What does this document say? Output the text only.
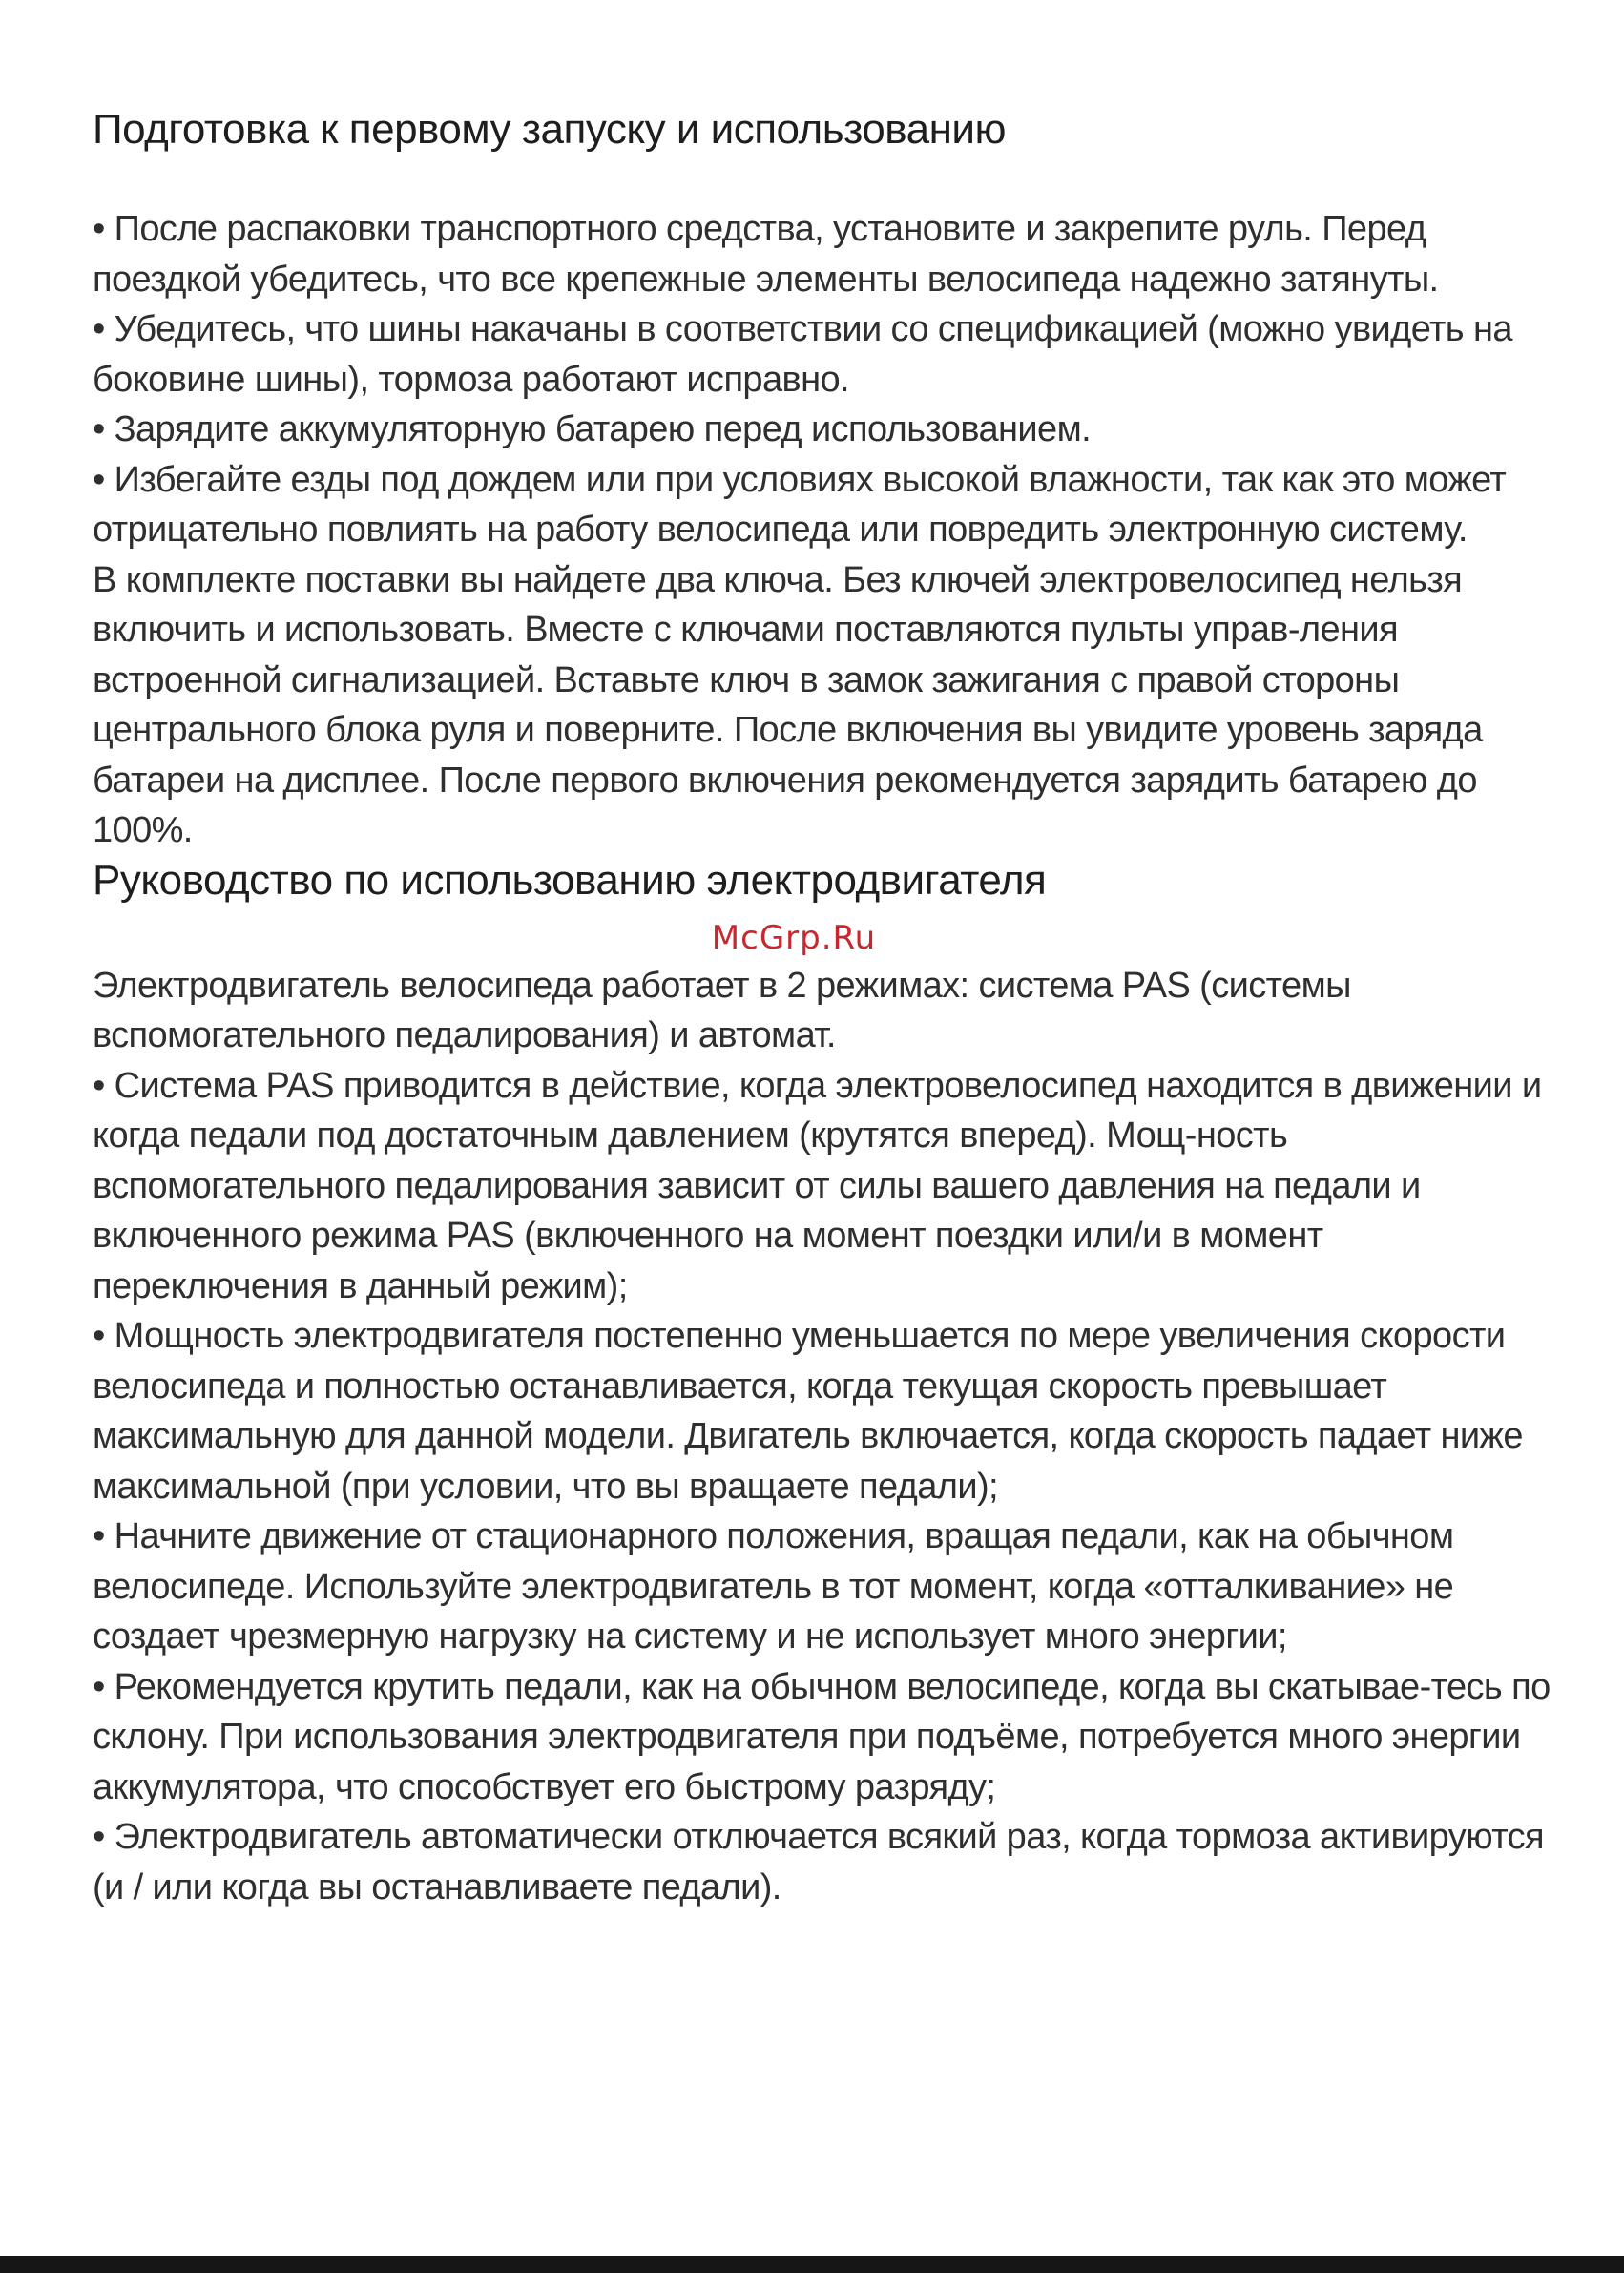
Подготовка к первому запуску и использованию

• После распаковки транспортного средства, установите и закрепите руль. Перед поездкой убедитесь, что все крепежные элементы велосипеда надежно затянуты.
• Убедитесь, что шины накачаны в соответствии со спецификацией (можно увидеть на боковине шины), тормоза работают исправно.
• Зарядите аккумуляторную батарею перед использованием.
• Избегайте езды под дождем или при условиях высокой влажности, так как это может отрицательно повлиять на работу велосипеда или повредить электронную систему.

В комплекте поставки вы найдете два ключа. Без ключей электровелосипед нельзя включить и использовать. Вместе с ключами поставляются пульты управ-ления встроенной сигнализацией. Вставьте ключ в замок зажигания с правой стороны центрального блока руля и поверните. После включения вы увидите уровень заряда батареи на дисплее. После первого включения рекомендуется зарядить батарею до 100%.

Руководство по использованию электродвигателя
McGrp.Ru

Электродвигатель велосипеда работает в 2 режимах: система PAS (системы вспомогательного педалирования) и автомат.

• Система PAS приводится в действие, когда электровелосипед находится в движении и когда педали под достаточным давлением (крутятся вперед). Мощ-ность вспомогательного педалирования зависит от силы вашего давления на педали и включенного режима PAS (включенного на момент поездки или/и в момент переключения в данный режим);
• Мощность электродвигателя постепенно уменьшается по мере увеличения скорости велосипеда и полностью останавливается, когда текущая скорость превышает максимальную для данной модели. Двигатель включается, когда скорость падает ниже максимальной (при условии, что вы вращаете педали);
• Начните движение от стационарного положения, вращая педали, как на обычном велосипеде. Используйте электродвигатель в тот момент, когда «отталкивание» не создает чрезмерную нагрузку на систему и не использует много энергии;
• Рекомендуется крутить педали, как на обычном велосипеде, когда вы скатывае-тесь по склону. При использования электродвигателя при подъёме, потребуется много энергии аккумулятора, что способствует его быстрому разряду;
• Электродвигатель автоматически отключается всякий раз, когда тормоза активируются (и / или когда вы останавливаете педали).
